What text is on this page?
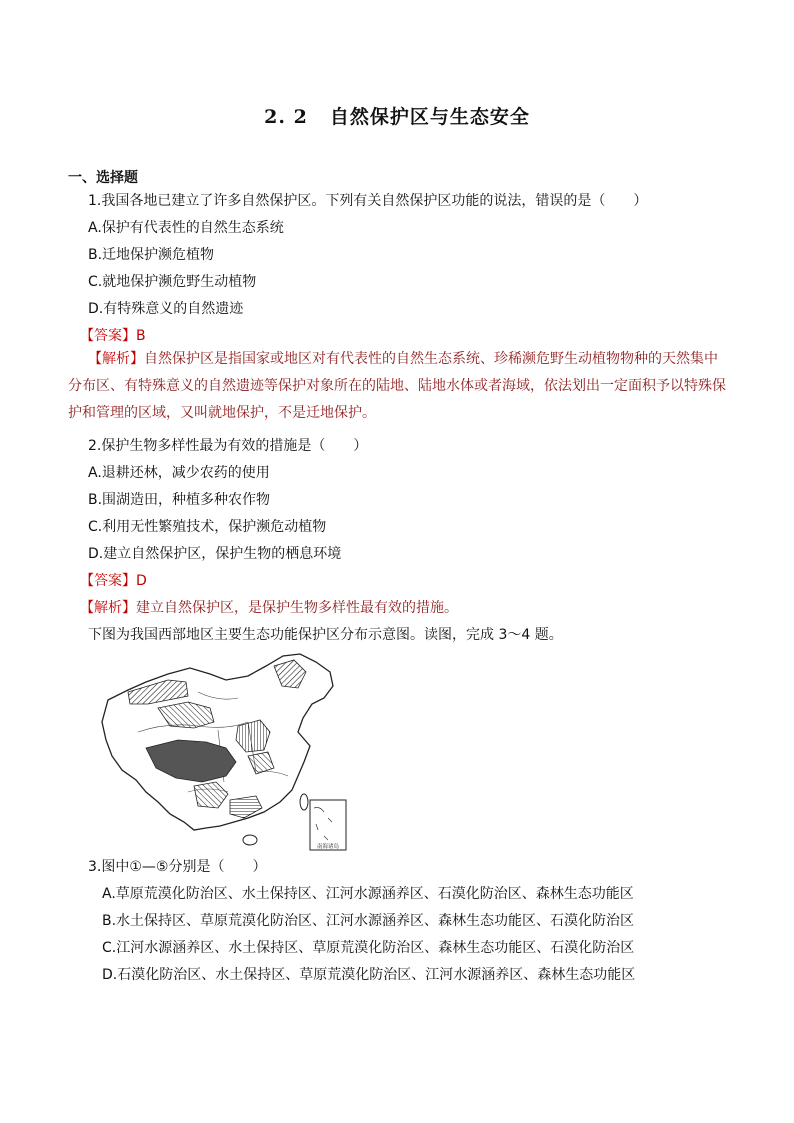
2. 2 自然保护区与生态安全
一、选择题
1.我国各地已建立了许多自然保护区。下列有关自然保护区功能的说法，错误的是（　　）
A.保护有代表性的自然生态系统
B.迁地保护濒危植物
C.就地保护濒危野生动植物
D.有特殊意义的自然遗迹
【答案】B
【解析】自然保护区是指国家或地区对有代表性的自然生态系统、珍稀濒危野生动植物物种的天然集中分布区、有特殊意义的自然遗迹等保护对象所在的陆地、陆地水体或者海域，依法划出一定面积予以特殊保护和管理的区域，又叫就地保护，不是迁地保护。
2.保护生物多样性最为有效的措施是（　　）
A.退耕还林，减少农药的使用
B.围湖造田，种植多种农作物
C.利用无性繁殖技术，保护濒危动植物
D.建立自然保护区，保护生物的栖息环境
【答案】D
【解析】建立自然保护区，是保护生物多样性最有效的措施。
下图为我国西部地区主要生态功能保护区分布示意图。读图，完成 3～4 题。
南海诸岛
3.图中①—⑤分别是（　　）
A.草原荒漠化防治区、水土保持区、江河水源涵养区、石漠化防治区、森林生态功能区
B.水土保持区、草原荒漠化防治区、江河水源涵养区、森林生态功能区、石漠化防治区
C.江河水源涵养区、水土保持区、草原荒漠化防治区、森林生态功能区、石漠化防治区
D.石漠化防治区、水土保持区、草原荒漠化防治区、江河水源涵养区、森林生态功能区
